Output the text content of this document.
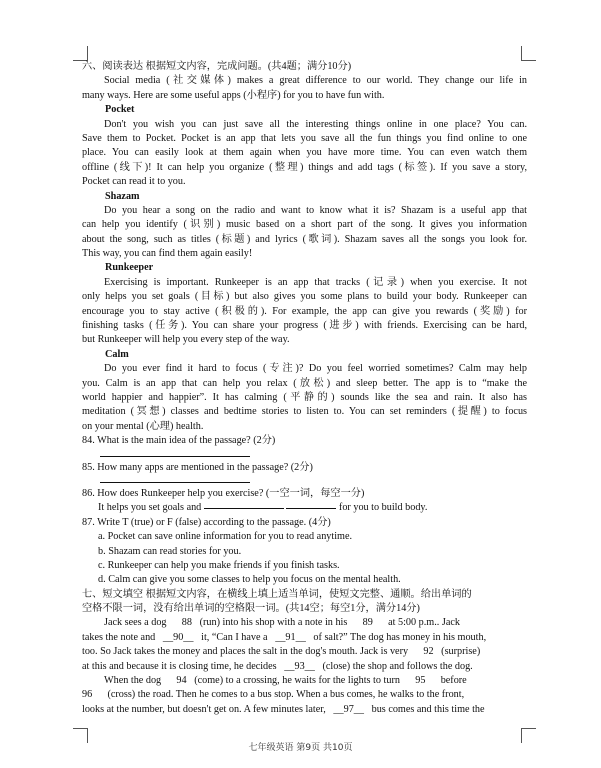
六、阅读表达 根据短文内容，完成问题。(共4题；满分10分)
Social media (社交媒体) makes a great difference to our world. They change our life in
many ways. Here are some useful apps (小程序) for you to have fun with.
Pocket
Don't you wish you can just save all the interesting things online in one place? You can.
Save them to Pocket. Pocket is an app that lets you save all the fun things you find online to one
place. You can easily look at them again when you have more time. You can even watch them
offline (线下)! It can help you organize (整理) things and add tags (标签). If you save a story,
Pocket can read it to you.
Shazam
Do you hear a song on the radio and want to know what it is? Shazam is a useful app that
can help you identify (识别) music based on a short part of the song. It gives you information
about the song, such as titles (标题) and lyrics (歌词). Shazam saves all the songs you look for.
This way, you can find them again easily!
Runkeeper
Exercising is important. Runkeeper is an app that tracks (记录) when you exercise. It not
only helps you set goals (目标) but also gives you some plans to build your body. Runkeeper can
encourage you to stay active (积极的). For example, the app can give you rewards (奖励) for
finishing tasks (任务). You can share your progress (进步) with friends. Exercising can be hard,
but Runkeeper will help you every step of the way.
Calm
Do you ever find it hard to focus (专注)? Do you feel worried sometimes? Calm may help
you. Calm is an app that can help you relax (放松) and sleep better. The app is to “make the
world happier and happier”. It has calming (平静的) sounds like the sea and rain. It also has
meditation (冥想) classes and bedtime stories to listen to. You can set reminders (提醒) to focus
on your mental (心理) health.
84. What is the main idea of the passage? (2分)
85. How many apps are mentioned in the passage? (2分)
86. How does Runkeeper help you exercise? (一空一词，每空一分)
It helps you set goals and	for you to build body.
87. Write T (true) or F (false) according to the passage. (4分)
a. Pocket can save online information for you to read anytime.
b. Shazam can read stories for you.
c. Runkeeper can help you make friends if you finish tasks.
d. Calm can give you some classes to help you focus on the mental health.
七、短文填空 根据短文内容，在横线上填上适当单词，使短文完整、通顺。给出单词的
空格不限一词，没有给出单词的空格限一词。(共14空；每空1分，满分14分)
Jack sees a dog      88   (run) into his shop with a note in his      89      at 5:00 p.m.. Jack
takes the note and   __90__   it, “Can I have a   __91__   of salt?” The dog has money in his mouth,
too. So Jack takes the money and places the salt in the dog's mouth. Jack is very      92   (surprise)
at this and because it is closing time, he decides   __93__   (close) the shop and follows the dog.
When the dog      94   (come) to a crossing, he waits for the lights to turn      95      before
96      (cross) the road. Then he comes to a bus stop. When a bus comes, he walks to the front,
looks at the number, but doesn't get on. A few minutes later,   __97__   bus comes and this time the
七年级英语 第9页 共10页
